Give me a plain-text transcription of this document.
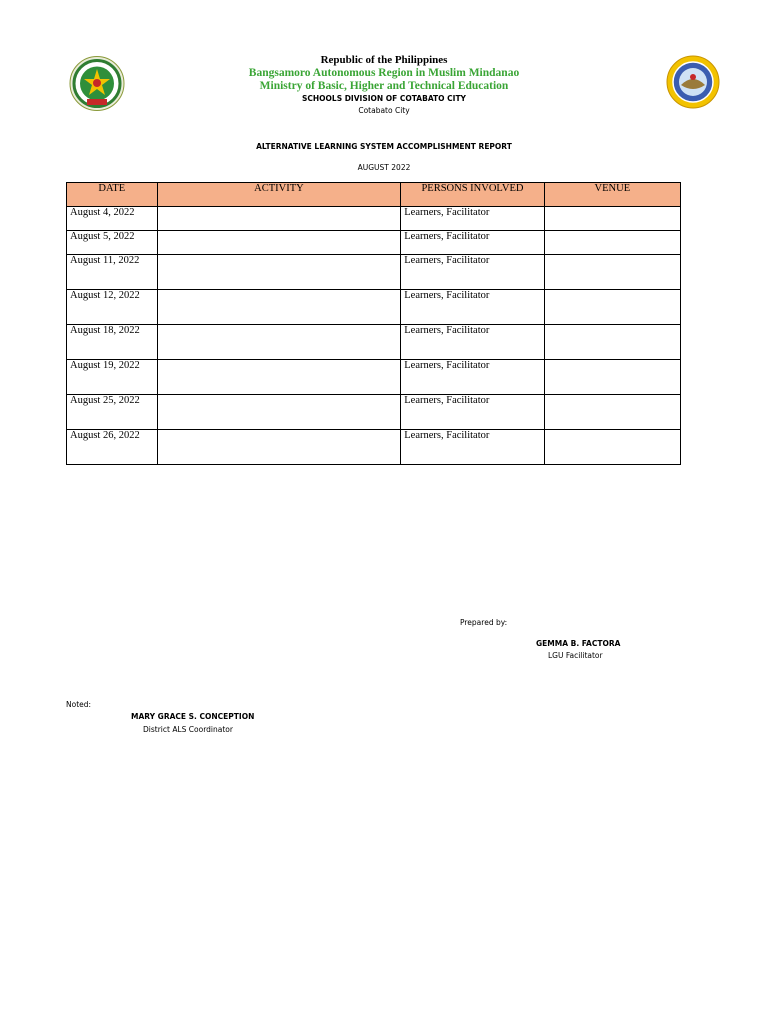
Republic of the Philippines
Bangsamoro Autonomous Region in Muslim Mindanao
Ministry of Basic, Higher and Technical Education
SCHOOLS DIVISION OF COTABATO CITY
Cotabato City
ALTERNATIVE LEARNING SYSTEM ACCOMPLISHMENT REPORT
AUGUST 2022
DATE	ACTIVITY	PERSONS INVOLVED	VENUE
August 4, 2022		Learners, Facilitator	
August 5, 2022		Learners, Facilitator	
August 11, 2022		Learners, Facilitator	
August 12, 2022		Learners, Facilitator	
August 18, 2022		Learners, Facilitator	
August 19, 2022		Learners, Facilitator	
August 25, 2022		Learners, Facilitator	
August 26, 2022		Learners, Facilitator	
Prepared by:
GEMMA B. FACTORA
LGU Facilitator
Noted:
MARY GRACE S. CONCEPTION
District ALS Coordinator
